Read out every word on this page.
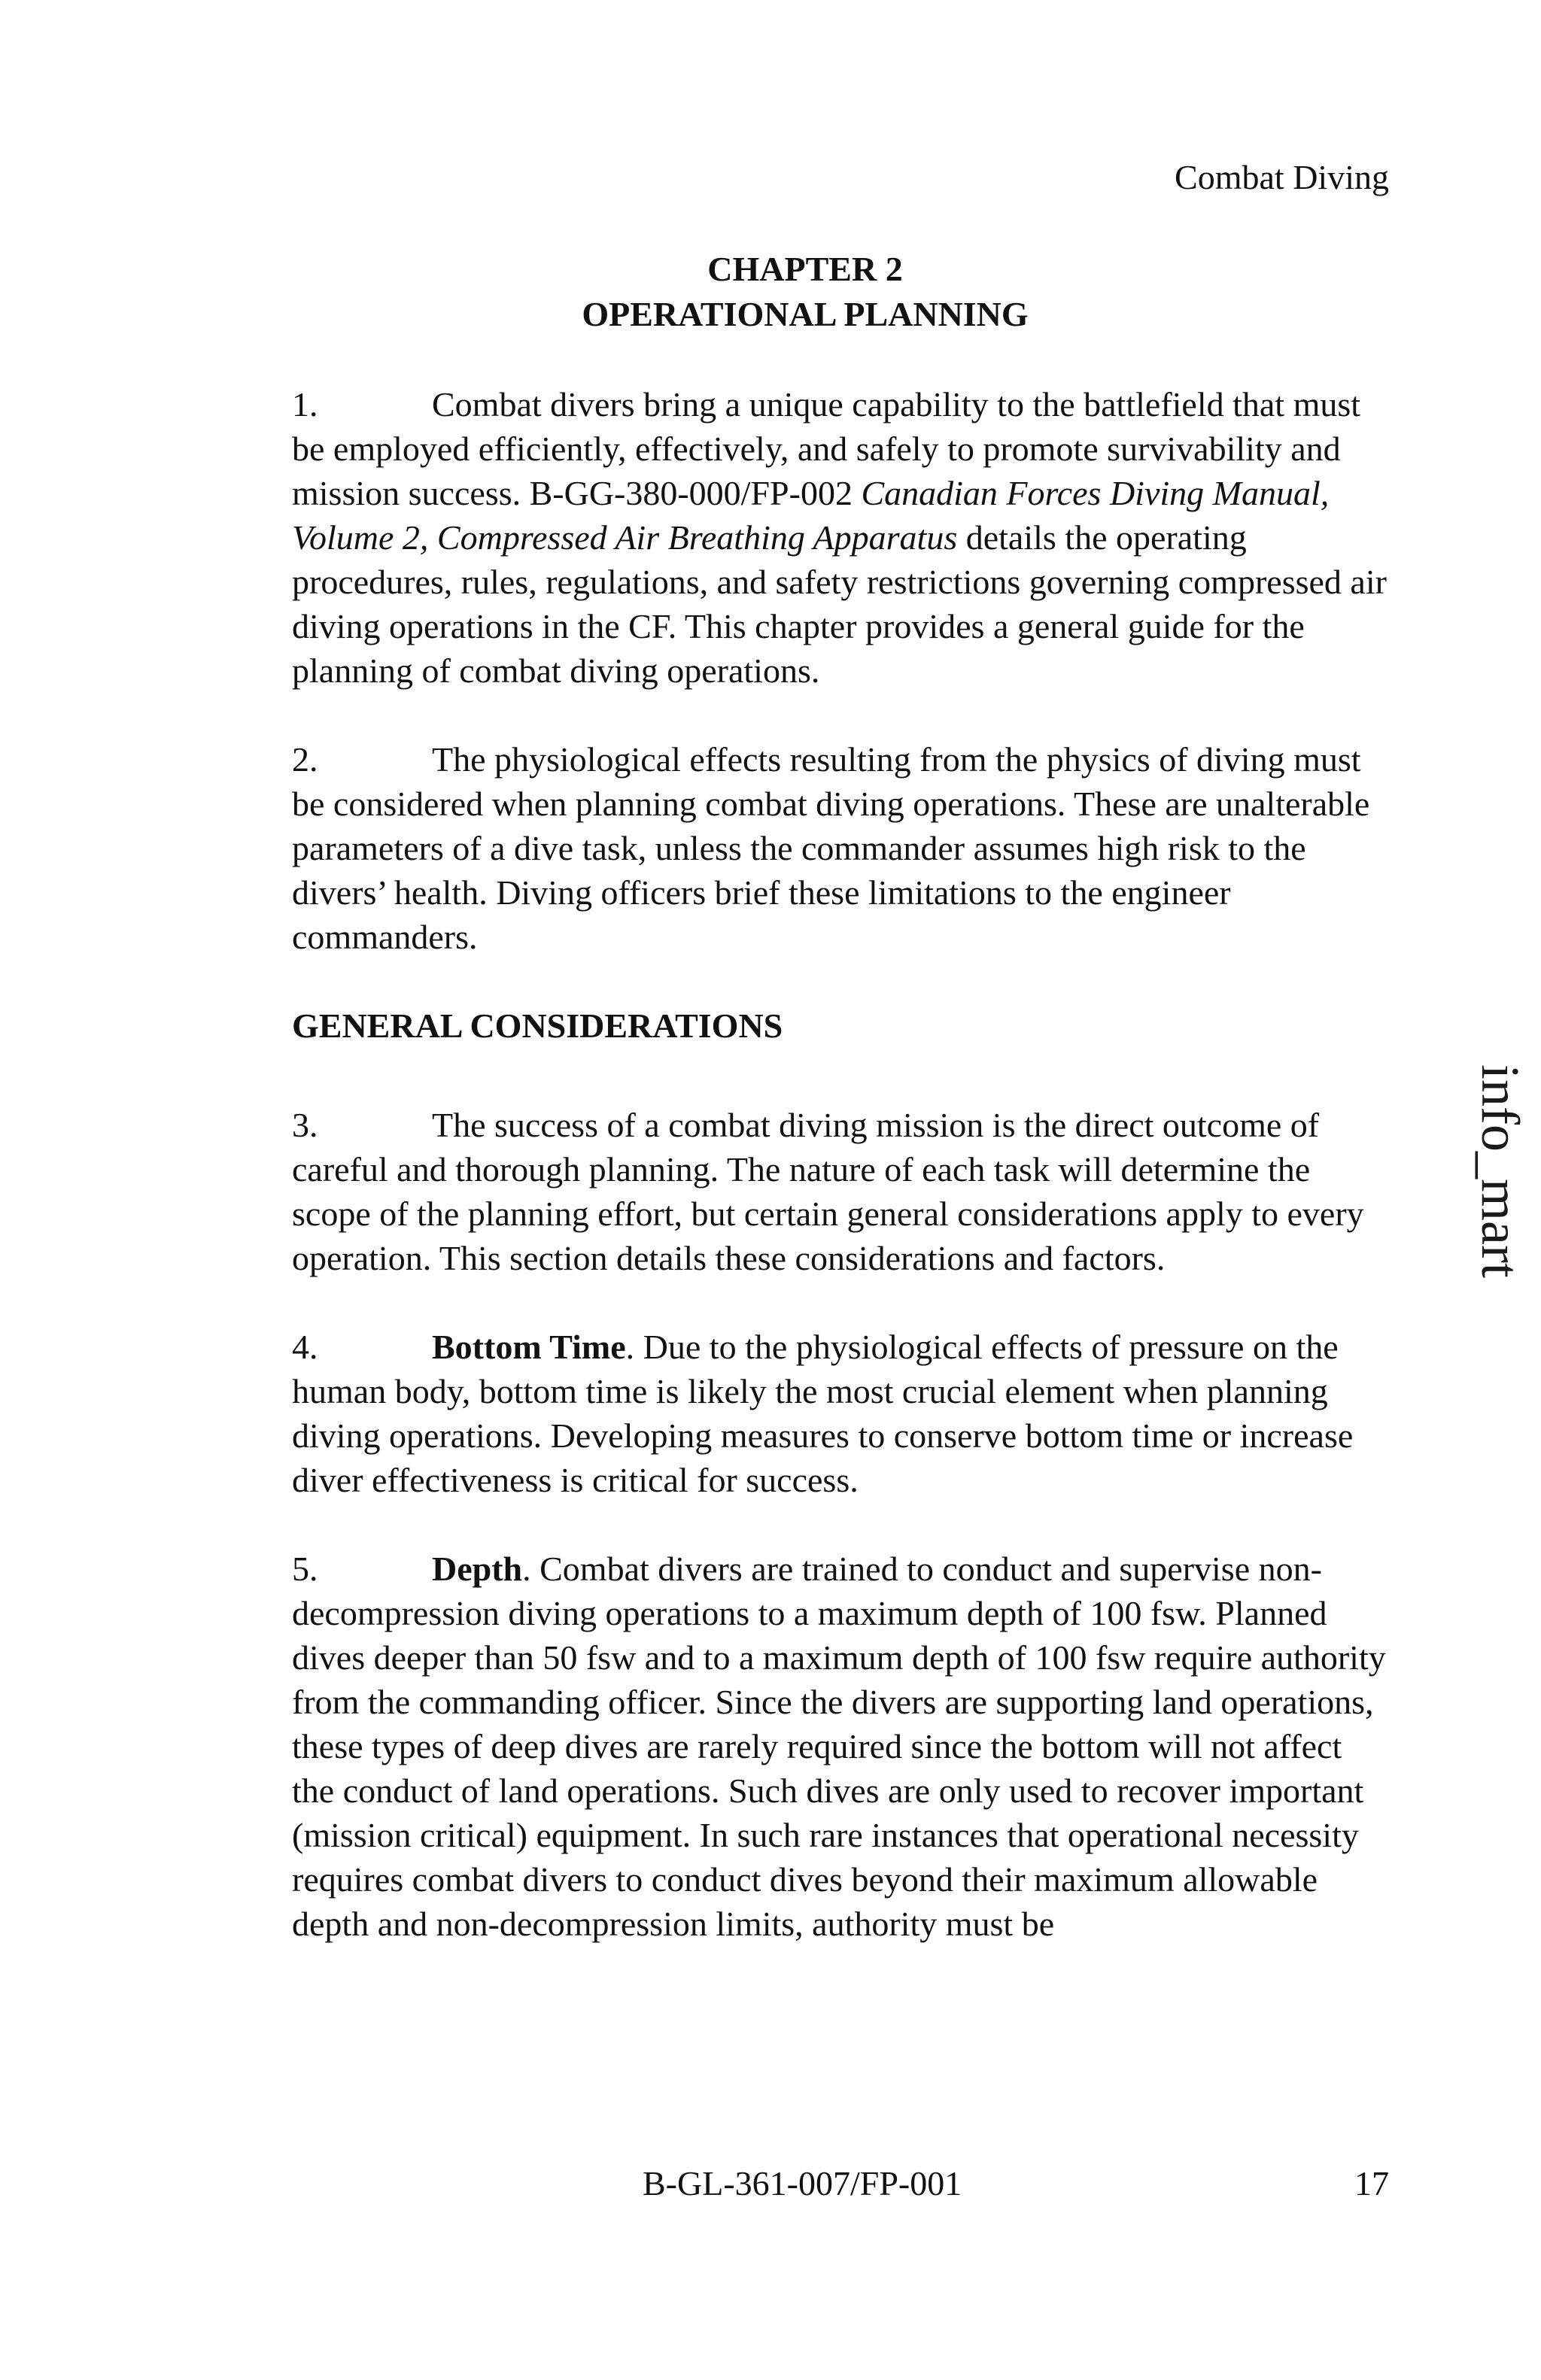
Combat Diving

CHAPTER 2
OPERATIONAL PLANNING

1.	Combat divers bring a unique capability to the battlefield that must be employed efficiently, effectively, and safely to promote survivability and mission success. B-GG-380-000/FP-002 Canadian Forces Diving Manual, Volume 2, Compressed Air Breathing Apparatus details the operating procedures, rules, regulations, and safety restrictions governing compressed air diving operations in the CF. This chapter provides a general guide for the planning of combat diving operations.

2.	The physiological effects resulting from the physics of diving must be considered when planning combat diving operations. These are unalterable parameters of a dive task, unless the commander assumes high risk to the divers’ health. Diving officers brief these limitations to the engineer commanders.

GENERAL CONSIDERATIONS

3.	The success of a combat diving mission is the direct outcome of careful and thorough planning. The nature of each task will determine the scope of the planning effort, but certain general considerations apply to every operation. This section details these considerations and factors.

4.	Bottom Time. Due to the physiological effects of pressure on the human body, bottom time is likely the most crucial element when planning diving operations. Developing measures to conserve bottom time or increase diver effectiveness is critical for success.

5.	Depth. Combat divers are trained to conduct and supervise non-decompression diving operations to a maximum depth of 100 fsw. Planned dives deeper than 50 fsw and to a maximum depth of 100 fsw require authority from the commanding officer. Since the divers are supporting land operations, these types of deep dives are rarely required since the bottom will not affect the conduct of land operations. Such dives are only used to recover important (mission critical) equipment. In such rare instances that operational necessity requires combat divers to conduct dives beyond their maximum allowable depth and non-decompression limits, authority must be

info_mart
B-GL-361-007/FP-001	17
